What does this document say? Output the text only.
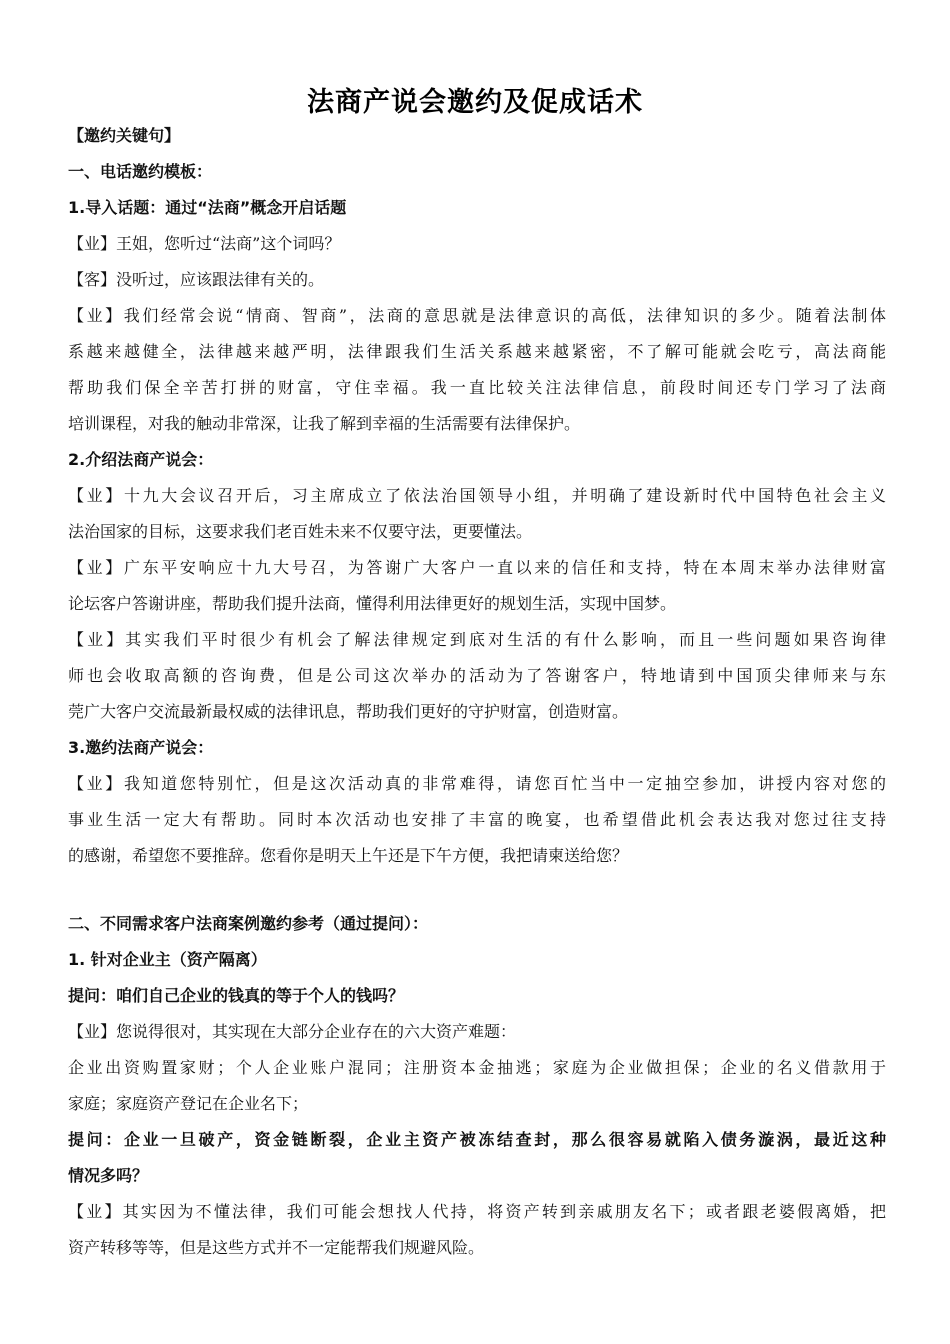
法商产说会邀约及促成话术
【邀约关键句】
一、电话邀约模板：
1.导入话题：通过“法商”概念开启话题
【业】王姐，您听过“法商”这个词吗？
【客】没听过，应该跟法律有关的。
【业】我们经常会说“情商、智商”，法商的意思就是法律意识的高低，法律知识的多少。随着法制体
系越来越健全，法律越来越严明，法律跟我们生活关系越来越紧密，不了解可能就会吃亏，高法商能
帮助我们保全辛苦打拼的财富，守住幸福。我一直比较关注法律信息，前段时间还专门学习了法商
培训课程，对我的触动非常深，让我了解到幸福的生活需要有法律保护。
2.介绍法商产说会：
【业】十九大会议召开后，习主席成立了依法治国领导小组，并明确了建设新时代中国特色社会主义
法治国家的目标，这要求我们老百姓未来不仅要守法，更要懂法。
【业】广东平安响应十九大号召，为答谢广大客户一直以来的信任和支持，特在本周末举办法律财富
论坛客户答谢讲座，帮助我们提升法商，懂得利用法律更好的规划生活，实现中国梦。
【业】其实我们平时很少有机会了解法律规定到底对生活的有什么影响，而且一些问题如果咨询律
师也会收取高额的咨询费，但是公司这次举办的活动为了答谢客户，特地请到中国顶尖律师来与东
莞广大客户交流最新最权威的法律讯息，帮助我们更好的守护财富，创造财富。
3.邀约法商产说会：
【业】我知道您特别忙，但是这次活动真的非常难得，请您百忙当中一定抽空参加，讲授内容对您的
事业生活一定大有帮助。同时本次活动也安排了丰富的晚宴，也希望借此机会表达我对您过往支持
的感谢，希望您不要推辞。您看你是明天上午还是下午方便，我把请柬送给您？
二、不同需求客户法商案例邀约参考（通过提问）：
1. 针对企业主（资产隔离）
提问：咱们自己企业的钱真的等于个人的钱吗？
【业】您说得很对，其实现在大部分企业存在的六大资产难题：
企业出资购置家财；个人企业账户混同；注册资本金抽逃；家庭为企业做担保；企业的名义借款用于
家庭；家庭资产登记在企业名下；
提问：企业一旦破产，资金链断裂，企业主资产被冻结查封，那么很容易就陷入债务漩涡，最近这种
情况多吗？
【业】其实因为不懂法律，我们可能会想找人代持，将资产转到亲戚朋友名下；或者跟老婆假离婚，把
资产转移等等，但是这些方式并不一定能帮我们规避风险。
